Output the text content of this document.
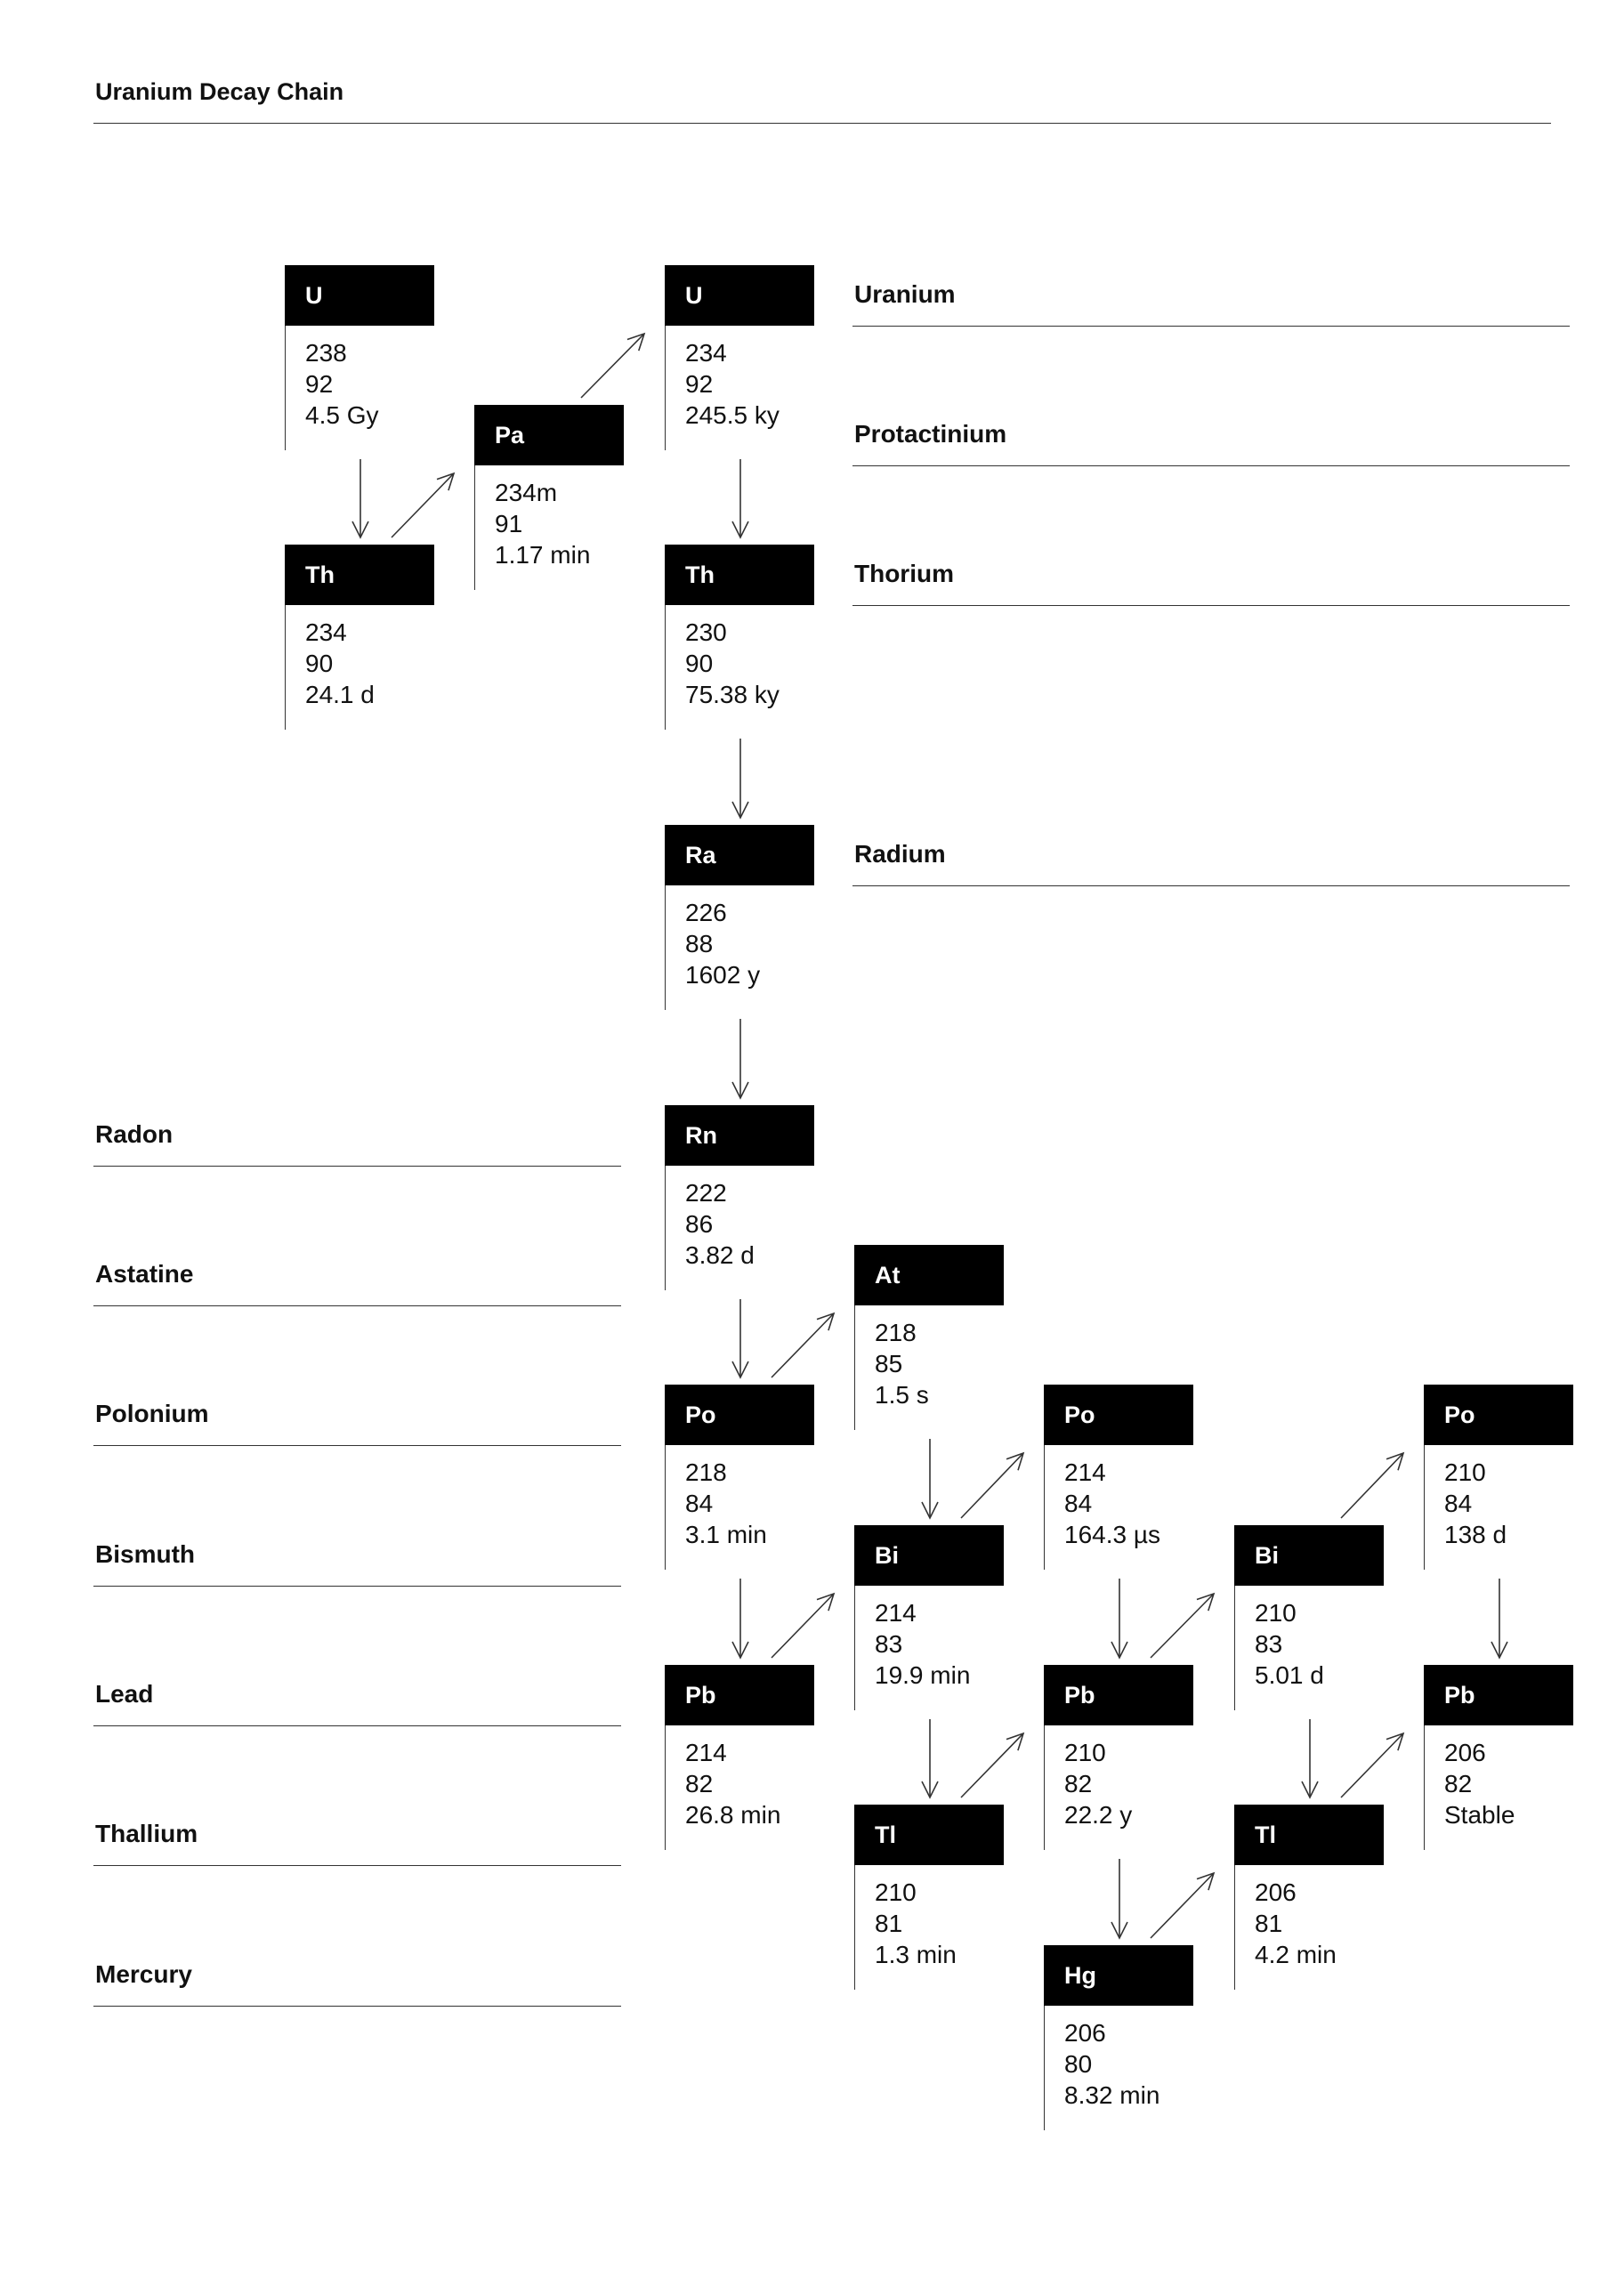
Uranium Decay Chain
Uranium
Protactinium
Thorium
Radium
Radon
Astatine
Polonium
Bismuth
Lead
Thallium
Mercury
U
238
92
4.5 Gy
Th
234
90
24.1 d
Pa
234m
91
1.17 min
U
234
92
245.5 ky
Th
230
90
75.38 ky
Ra
226
88
1602 y
Rn
222
86
3.82 d
Po
218
84
3.1 min
At
218
85
1.5 s
Pb
214
82
26.8 min
Bi
214
83
19.9 min
Po
214
84
164.3 µs
Tl
210
81
1.3 min
Pb
210
82
22.2 y
Hg
206
80
8.32 min
Bi
210
83
5.01 d
Tl
206
81
4.2 min
Po
210
84
138 d
Pb
206
82
Stable
